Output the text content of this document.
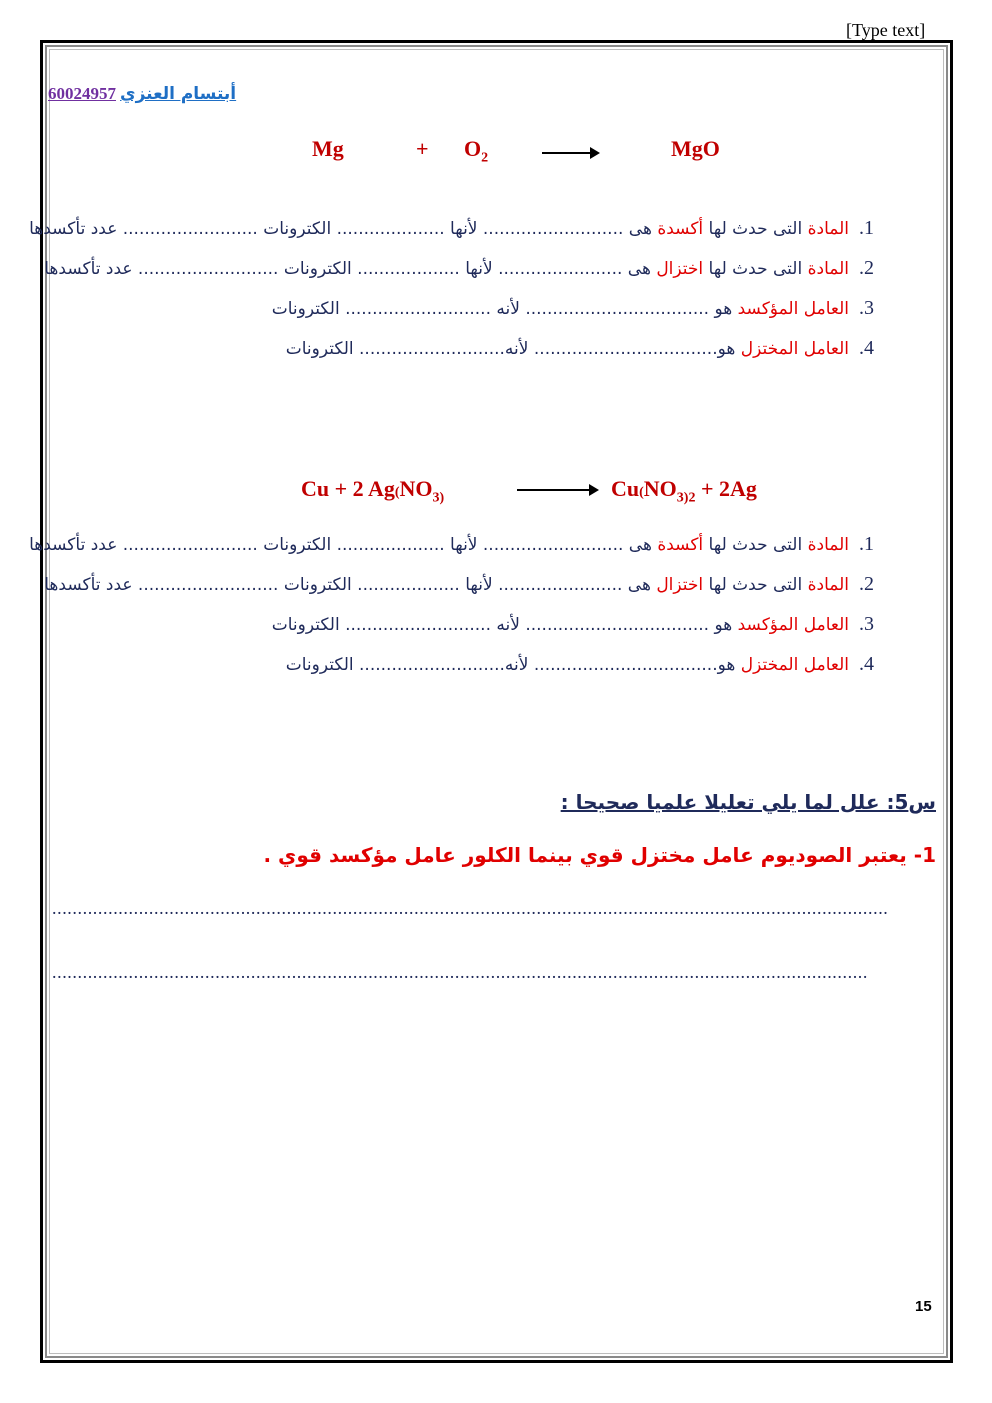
[Type text]
60024957 أبتسام العنزي
Mg	+ $O_2$	MgO
1.المادة التى حدث لها أكسدة هى .......................... لأنها .................... الكترونات ......................... عدد تأكسدها
2.المادة التى حدث لها اختزال هى ....................... لأنها ................... الكترونات .......................... عدد تأكسدها
3.العامل المؤكسد هو .................................. لأنه ........................... الكترونات
4.العامل المختزل هو.................................. لأنه........................... الكترونات
Cu + 2 $Ag(NO_{3)}$	$Cu(NO_{3)2} + 2Ag$
1.المادة التى حدث لها أكسدة هى .......................... لأنها .................... الكترونات ......................... عدد تأكسدها
2.المادة التى حدث لها اختزال هى ....................... لأنها ................... الكترونات .......................... عدد تأكسدها
3.العامل المؤكسد هو .................................. لأنه ........................... الكترونات
4.العامل المختزل هو.................................. لأنه........................... الكترونات
س5: علل لما يلي تعليلا علميا صحيحا :
1- يعتبر الصوديوم عامل مختزل قوي بينما الكلور عامل مؤكسد قوي .
....................................................................................................................................................................
................................................................................................................................................................
15
